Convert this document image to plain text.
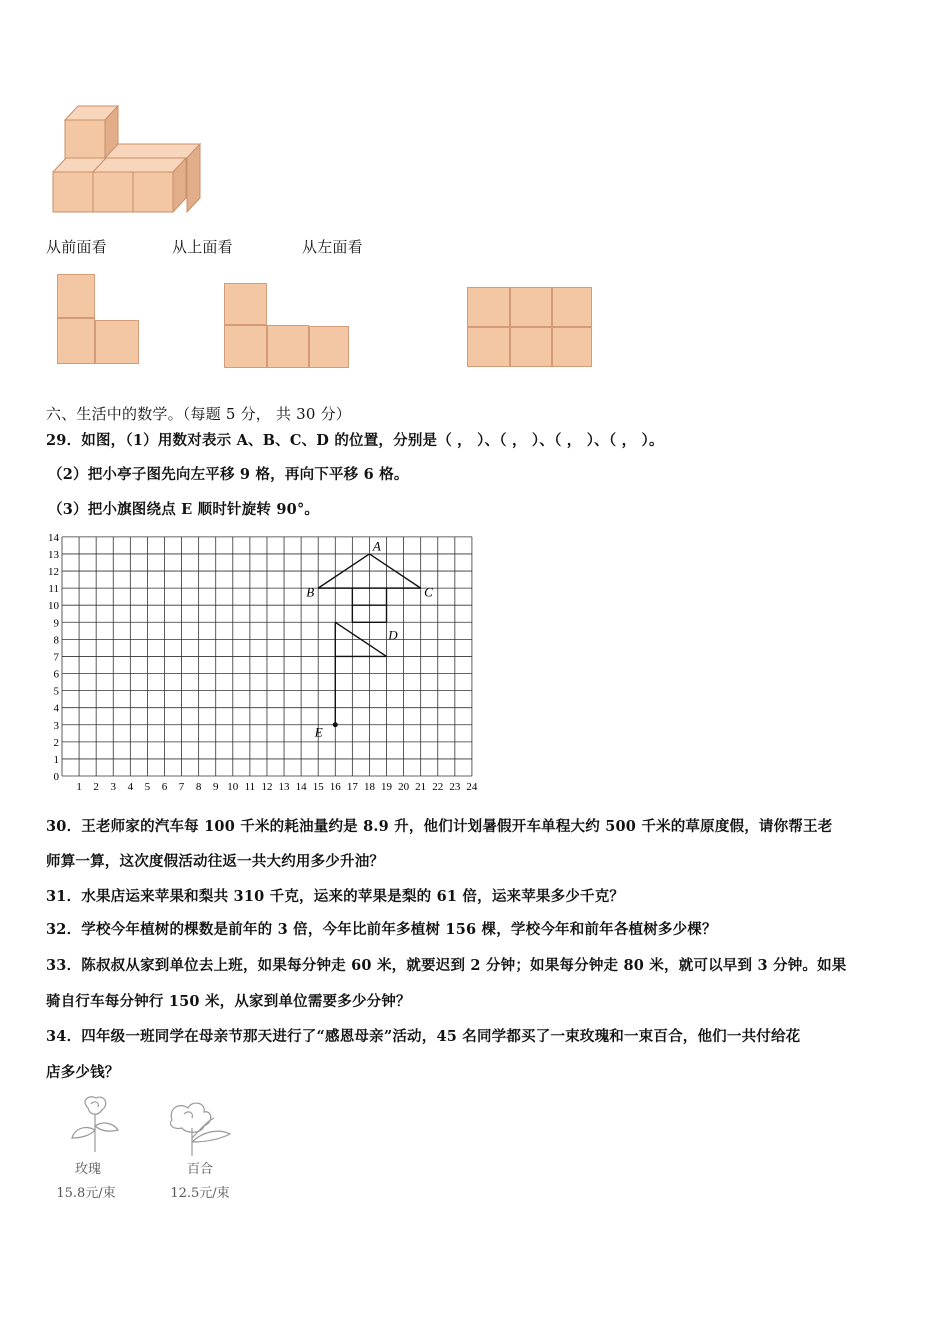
从前面看	从上面看	从左面看
六、生活中的数学。（每题 5 分， 共 30 分）
29．如图，（1）用数对表示 A、B、C、D 的位置，分别是（ ， ）、（ ， ）、（ ， ）、（ ， ）。
（2）把小亭子图先向左平移 9 格，再向下平移 6 格。
（3）把小旗图绕点 E 顺时针旋转 90°。
1 2 3 4 5 6 7 8 9 10 11 12 13 14 15 16 17 18 19 20 21 22 23 24
0
1
2
3
4
5
6
7
8
9
10
11
12
13
14
A
B	C
D
E
30．王老师家的汽车每 100 千米的耗油量约是 8.9 升，他们计划暑假开车单程大约 500 千米的草原度假，请你帮王老
师算一算，这次度假活动往返一共大约用多少升油？
31．水果店运来苹果和梨共 310 千克，运来的苹果是梨的 61 倍，运来苹果多少千克？
32．学校今年植树的棵数是前年的 3 倍，今年比前年多植树 156 棵，学校今年和前年各植树多少棵？
33．陈叔叔从家到单位去上班，如果每分钟走 60 米，就要迟到 2 分钟；如果每分钟走 80 米，就可以早到 3 分钟。如果
骑自行车每分钟行 150 米，从家到单位需要多少分钟？
34．四年级一班同学在母亲节那天进行了“感恩母亲”活动，45 名同学都买了一束玫瑰和一束百合，他们一共付给花
店多少钱？
玫瑰
15.8元/束
百合
12.5元/束
